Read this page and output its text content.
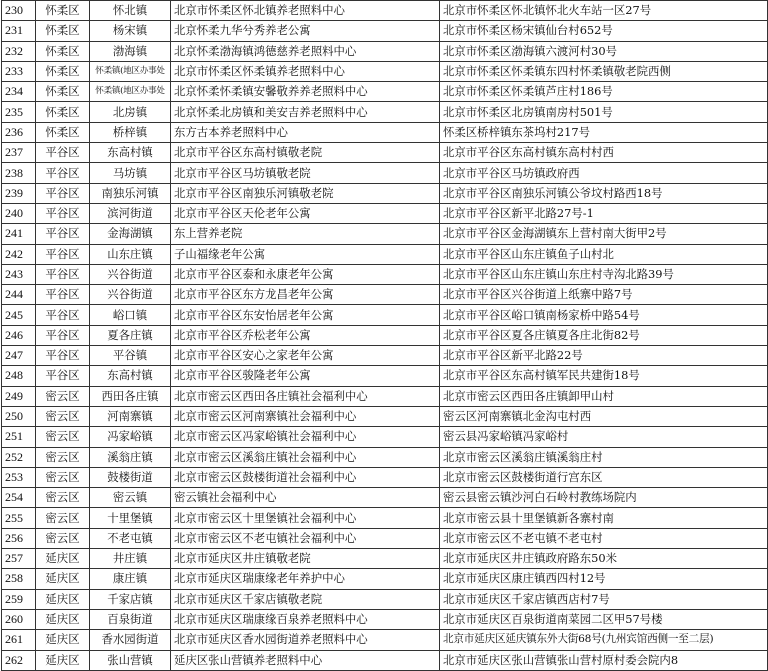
230	怀柔区	怀北镇	北京市怀柔区怀北镇养老照料中心	北京市怀柔区怀北镇怀北火车站一区27号
231	怀柔区	杨宋镇	北京怀柔九华兮秀养老公寓	北京市怀柔区杨宋镇仙台村652号
232	怀柔区	渤海镇	北京怀柔渤海镇鸿德慈养老照料中心	北京市怀柔区渤海镇六渡河村30号
233	怀柔区	怀柔镇(地区办事处	北京市怀柔区怀柔镇养老照料中心	北京市怀柔区怀柔镇东四村怀柔镇敬老院西侧
234	怀柔区	怀柔镇(地区办事处	北京怀柔怀柔镇安馨敬养养老照料中心	北京市怀柔区怀柔镇芦庄村186号
235	怀柔区	北房镇	北京怀柔北房镇和美安吉养老照料中心	北京市怀柔区北房镇南房村501号
236	怀柔区	桥梓镇	东方古本养老照料中心	怀柔区桥梓镇东茶坞村217号
237	平谷区	东高村镇	北京市平谷区东高村镇敬老院	北京市平谷区东高村镇东高村村西
238	平谷区	马坊镇	北京市平谷区马坊镇敬老院	北京市平谷区马坊镇政府西
239	平谷区	南独乐河镇	北京市平谷区南独乐河镇敬老院	北京市平谷区南独乐河镇公爷坟村路西18号
240	平谷区	滨河街道	北京市平谷区天伦老年公寓	北京市平谷区新平北路27号-1
241	平谷区	金海湖镇	东上营养老院	北京市平谷区金海湖镇东上营村南大街甲2号
242	平谷区	山东庄镇	子山福缘老年公寓	北京市平谷区山东庄镇鱼子山村北
243	平谷区	兴谷街道	北京市平谷区泰和永康老年公寓	北京市平谷区山东庄镇山东庄村寺沟北路39号
244	平谷区	兴谷街道	北京市平谷区东方龙昌老年公寓	北京市平谷区兴谷街道上纸寨中路7号
245	平谷区	峪口镇	北京市平谷区东安怡居老年公寓	北京市平谷区峪口镇南杨家桥中路54号
246	平谷区	夏各庄镇	北京市平谷区乔松老年公寓	北京市平谷区夏各庄镇夏各庄北街82号
247	平谷区	平谷镇	北京市平谷区安心之家老年公寓	北京市平谷区新平北路22号
248	平谷区	东高村镇	北京市平谷区骏隆老年公寓	北京市平谷区东高村镇军民共建街18号
249	密云区	西田各庄镇	北京市密云区西田各庄镇社会福利中心	北京市密云区西田各庄镇卸甲山村
250	密云区	河南寨镇	北京市密云区河南寨镇社会福利中心	密云区河南寨镇北金沟屯村西
251	密云区	冯家峪镇	北京市密云区冯家峪镇社会福利中心	密云县冯家峪镇冯家峪村
252	密云区	溪翁庄镇	北京市密云区溪翁庄镇社会福利中心	北京市密云区溪翁庄镇溪翁庄村
253	密云区	鼓楼街道	北京市密云区鼓楼街道社会福利中心	北京市密云区鼓楼街道行宫东区
254	密云区	密云镇	密云镇社会福利中心	密云县密云镇沙河白石岭村教练场院内
255	密云区	十里堡镇	北京市密云区十里堡镇社会福利中心	北京市密云县十里堡镇新各寨村南
256	密云区	不老屯镇	北京市密云区不老屯镇社会福利中心	北京市密云区不老屯镇不老屯村
257	延庆区	井庄镇	北京市延庆区井庄镇敬老院	北京市延庆区井庄镇政府路东50米
258	延庆区	康庄镇	北京市延庆区瑞康缘老年养护中心	北京市延庆区康庄镇西四村12号
259	延庆区	千家店镇	北京市延庆区千家店镇敬老院	北京市延庆区千家店镇西店村7号
260	延庆区	百泉街道	北京市延庆区瑞康缘百泉养老照料中心	北京市延庆区百泉街道南菜园二区甲57号楼
261	延庆区	香水园街道	北京市延庆区香水园街道养老照料中心	北京市延庆区延庆镇东外大街68号(九州宾馆西侧一至二层)
262	延庆区	张山营镇	延庆区张山营镇养老照料中心	北京市延庆区张山营镇张山营村原村委会院内8
